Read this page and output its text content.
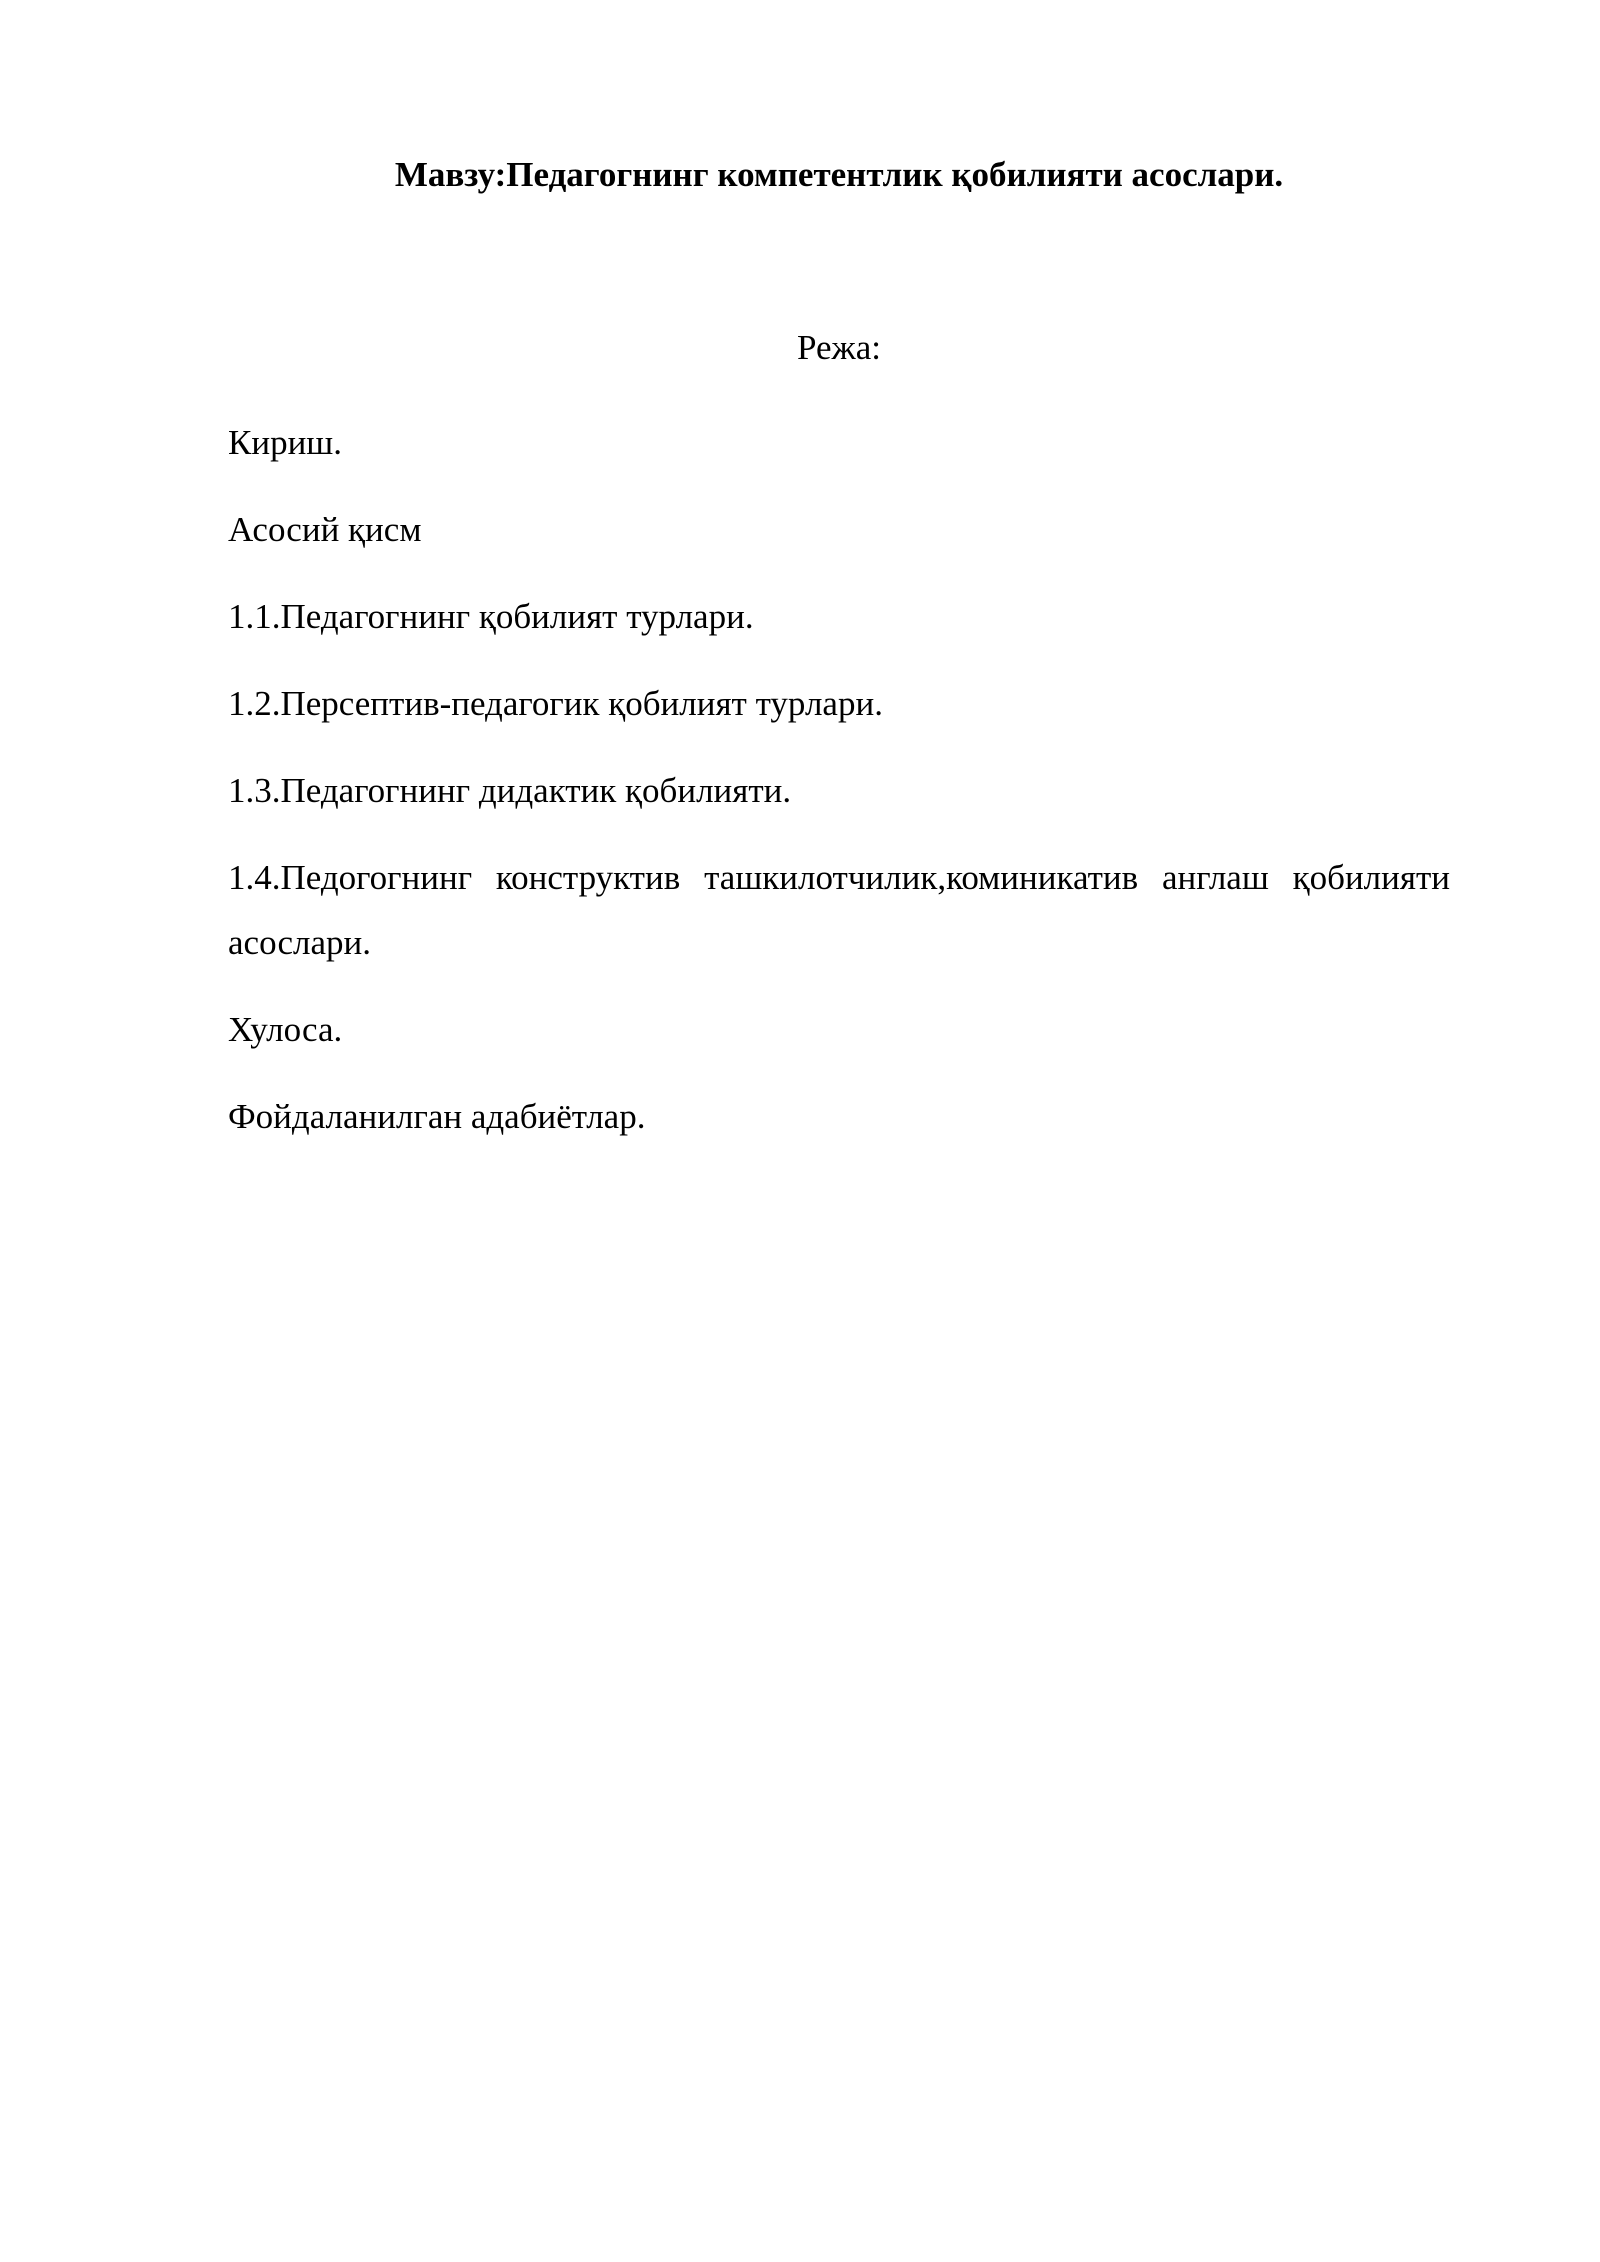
Мавзу:Педагогнинг компетентлик қобилияти асослари.
Режа:
Кириш.
Асосий қисм
1.1.Педагогнинг қобилият турлари.
1.2.Персептив-педагогик қобилият турлари.
1.3.Педагогнинг дидактик қобилияти.
1.4.Педогогнинг конструктив ташкилотчилик,коминикатив англаш қобилияти асослари.
Хулоса.
Фойдаланилган адабиётлар.
